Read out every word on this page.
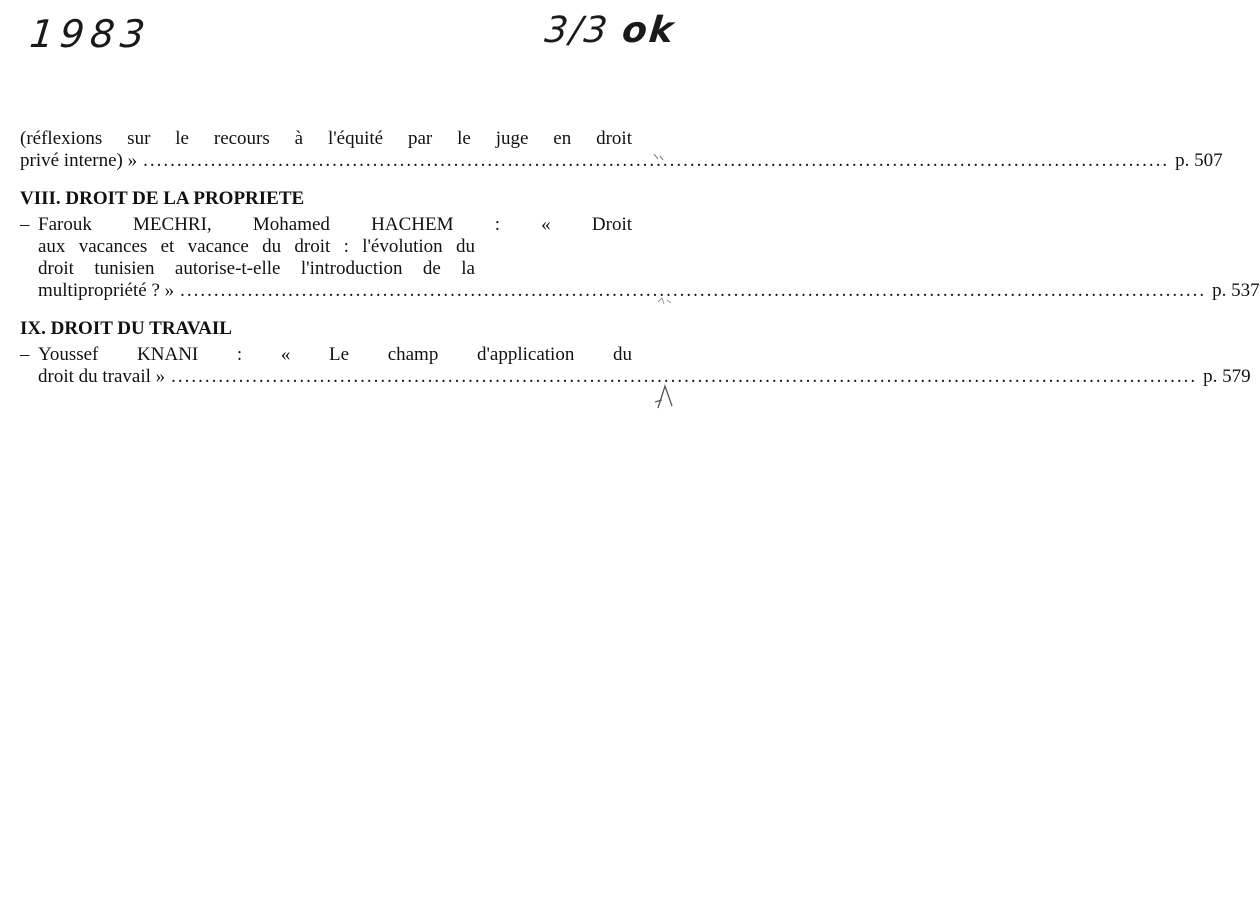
1983	3/3 ok
(réflexions sur le recours à l'équité par le juge en droit
privé interne) » ........................................................................................................................................................ p. 507
VIII. DROIT DE LA PROPRIETE
– Farouk MECHRI, Mohamed HACHEM : « Droit
aux vacances et vacance du droit : l'évolution du
droit tunisien autorise-t-elle l'introduction de la
multipropriété ? » ........................................................................................................................................................ p. 537
IX. DROIT DU TRAVAIL
– Youssef KNANI : « Le champ d'application du
droit du travail » ........................................................................................................................................................ p. 579
